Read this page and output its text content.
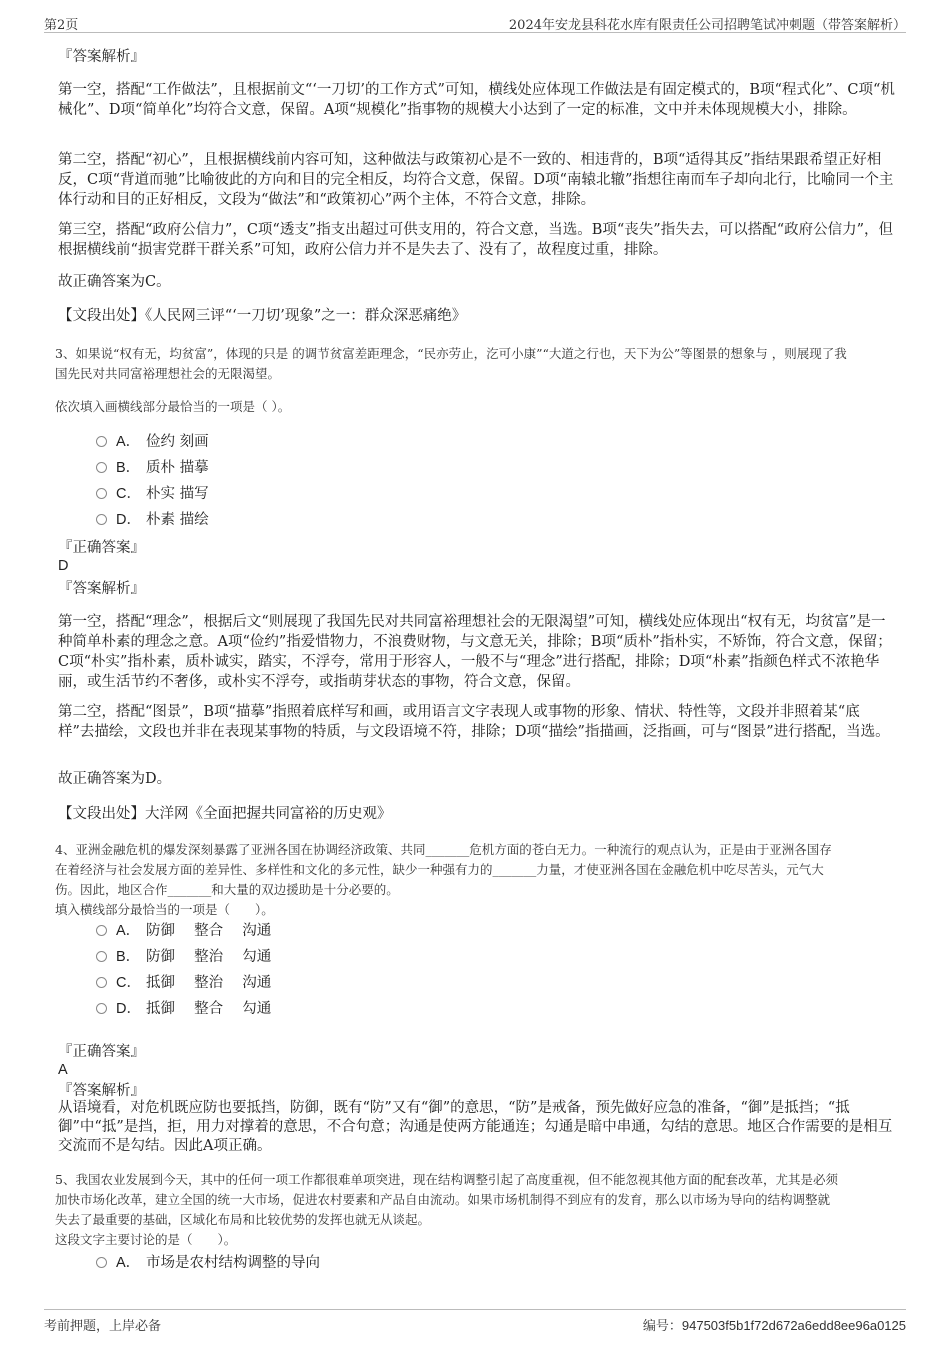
第2页	2024年安龙县科花水库有限责任公司招聘笔试冲刺题（带答案解析）
『答案解析』
第一空，搭配“工作做法”，且根据前文“‘一刀切’的工作方式”可知，横线处应体现工作做法是有固定模式的，B项“程式化”、C项“机械化”、D项“简单化”均符合文意，保留。A项“规模化”指事物的规模大小达到了一定的标准，文中并未体现规模大小，排除。
第二空，搭配“初心”，且根据横线前内容可知，这种做法与政策初心是不一致的、相违背的，B项“适得其反”指结果跟希望正好相反，C项“背道而驰”比喻彼此的方向和目的完全相反，均符合文意，保留。D项“南辕北辙”指想往南而车子却向北行，比喻同一个主体行动和目的正好相反，文段为“做法”和“政策初心”两个主体，不符合文意，排除。
第三空，搭配“政府公信力”，C项“透支”指支出超过可供支用的，符合文意，当选。B项“丧失”指失去，可以搭配“政府公信力”，但根据横线前“损害党群干群关系”可知，政府公信力并不是失去了、没有了，故程度过重，排除。
故正确答案为C。
【文段出处】《人民网三评“‘一刀切’现象”之一：群众深恶痛绝》
3、如果说“权有无，均贫富”，体现的只是 的调节贫富差距理念，“民亦劳止，汔可小康”“大道之行也，天下为公”等图景的想象与 ，则展现了我
国先民对共同富裕理想社会的无限渴望。
依次填入画横线部分最恰当的一项是（ ）。
A． 俭约 刻画
B． 质朴 描摹
C． 朴实 描写
D． 朴素 描绘
『正确答案』
D
『答案解析』
第一空，搭配“理念”，根据后文“则展现了我国先民对共同富裕理想社会的无限渴望”可知，横线处应体现出“权有无，均贫富”是一种简单朴素的理念之意。A项“俭约”指爱惜物力，不浪费财物，与文意无关，排除；B项“质朴”指朴实，不矫饰，符合文意，保留；C项“朴实”指朴素，质朴诚实，踏实，不浮夸，常用于形容人，一般不与“理念”进行搭配，排除；D项“朴素”指颜色样式不浓艳华丽，或生活节约不奢侈，或朴实不浮夸，或指萌芽状态的事物，符合文意，保留。
第二空，搭配“图景”，B项“描摹”指照着底样写和画，或用语言文字表现人或事物的形象、情状、特性等，文段并非照着某“底样”去描绘，文段也并非在表现某事物的特质，与文段语境不符，排除；D项“描绘”指描画，泛指画，可与“图景”进行搭配，当选。
故正确答案为D。
【文段出处】大洋网《全面把握共同富裕的历史观》
4、亚洲金融危机的爆发深刻暴露了亚洲各国在协调经济政策、共同_______危机方面的苍白无力。一种流行的观点认为，正是由于亚洲各国存
在着经济与社会发展方面的差异性、多样性和文化的多元性，缺少一种强有力的_______力量，才使亚洲各国在金融危机中吃尽苦头，元气大
伤。因此，地区合作_______和大量的双边援助是十分必要的。
填入横线部分最恰当的一项是（　　）。
A． 防御　 整合　 沟通
B． 防御　 整治　 勾通
C． 抵御　 整治　 沟通
D． 抵御　 整合　 勾通
『正确答案』
A
『答案解析』
从语境看，对危机既应防也要抵挡，防御，既有“防”又有“御”的意思，“防”是戒备，预先做好应急的准备，“御”是抵挡；“抵御”中“抵”是挡，拒，用力对撑着的意思，不合句意；沟通是使两方能通连；勾通是暗中串通，勾结的意思。地区合作需要的是相互交流而不是勾结。因此A项正确。
5、我国农业发展到今天，其中的任何一项工作都很难单项突进，现在结构调整引起了高度重视，但不能忽视其他方面的配套改革，尤其是必须
加快市场化改革，建立全国的统一大市场，促进农村要素和产品自由流动。如果市场机制得不到应有的发育，那么以市场为导向的结构调整就
失去了最重要的基础，区域化布局和比较优势的发挥也就无从谈起。
这段文字主要讨论的是（　　）。
A． 市场是农村结构调整的导向
考前押题，上岸必备	编号：947503f5b1f72d672a6edd8ee96a0125
